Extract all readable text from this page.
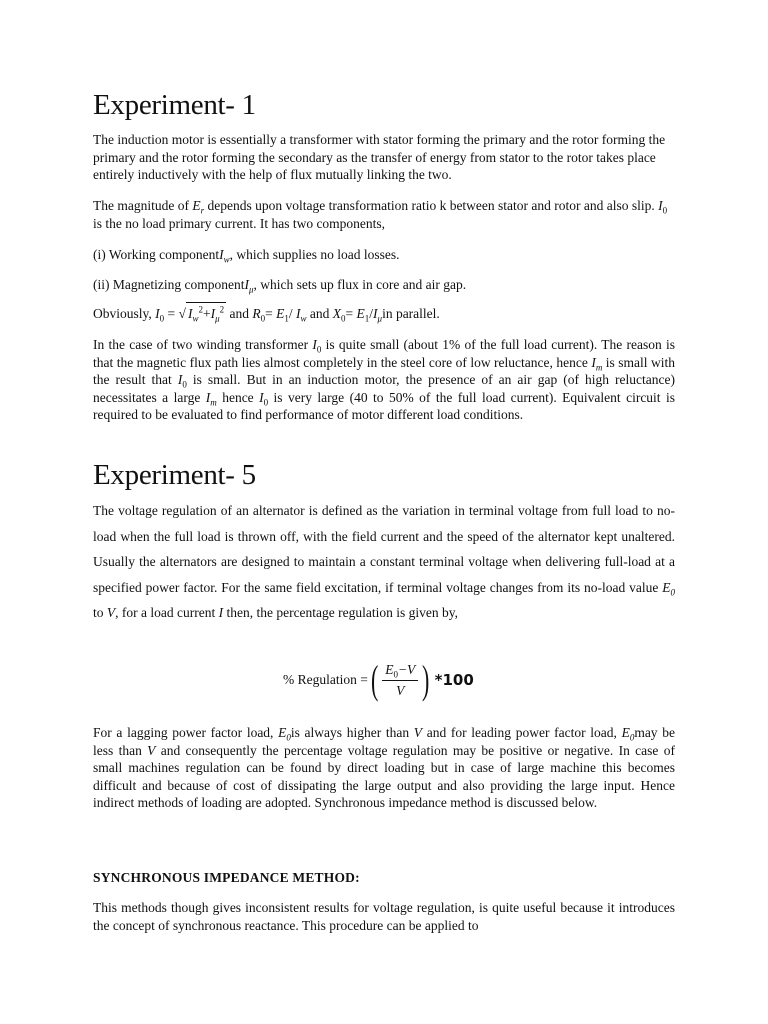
Experiment- 1

The induction motor is essentially a transformer with stator forming the primary and the rotor forming the primary and the rotor forming the secondary as the transfer of energy from stator to the rotor takes place entirely inductively with the help of flux mutually linking the two.

The magnitude of $E_r$ depends upon voltage transformation ratio k between stator and rotor and also slip. $I_0$ is the no load primary current. It has two components,

(i) Working componentI$_w$, which supplies no load losses.

(ii) Magnetizing componentI$_\mu$, which sets up flux in core and air gap.

Obviously, $I_0$ = √ $I_w^2+I_\mu^2$ and $R_0= E_1/$ $I_w$ and $X_0= E_1/I_\mu in$ parallel.

In the case of two winding transformer $I_0$ is quite small (about 1% of the full load current). The reason is that the magnetic flux path lies almost completely in the steel core of low reluctance, hence $I_m$ is small with the result that $I_0$ is small. But in an induction motor, the presence of an air gap (of high reluctance) necessitates a large $I_m$ hence $I_0$ is very large (40 to 50% of the full load current). Equivalent circuit is required to be evaluated to find performance of motor different load conditions.

Experiment- 5

The voltage regulation of an alternator is defined as the variation in terminal voltage from full load to no-load when the full load is thrown off, with the field current and the speed of the alternator kept unaltered. Usually the alternators are designed to maintain a constant terminal voltage when delivering full-load at a specified power factor. For the same field excitation, if terminal voltage changes from its no-load value $E_0$ to V, for a load current I then, the percentage regulation is given by,

% Regulation = ( $\frac{E_0-V}{V}$ ) *100

For a lagging power factor load, $E_0is$ always higher than V and for leading power factor load, $E_0may$ be less than V and consequently the percentage voltage regulation may be positive or negative. In case of small machines regulation can be found by direct loading but in case of large machine this becomes difficult and because of cost of dissipating the large output and also providing the large input. Hence indirect methods of loading are adopted. Synchronous impedance method is discussed below.

SYNCHRONOUS IMPEDANCE METHOD:

This methods though gives inconsistent results for voltage regulation, is quite useful because it introduces the concept of synchronous reactance. This procedure can be applied to
